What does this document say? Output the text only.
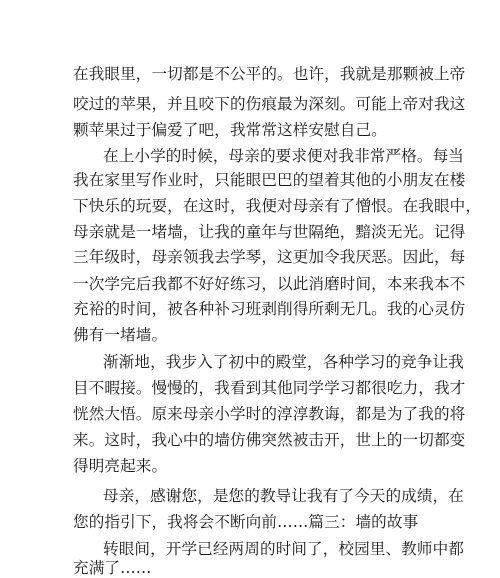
在我眼里，一切都是不公平的。也许，我就是那颗被上帝
咬过的苹果，并且咬下的伤痕最为深刻。可能上帝对我这
颗苹果过于偏爱了吧，我常常这样安慰自己。
在上小学的时候，母亲的要求便对我非常严格。每当
我在家里写作业时，只能眼巴巴的望着其他的小朋友在楼
下快乐的玩耍，在这时，我便对母亲有了憎恨。在我眼中，
母亲就是一堵墙，让我的童年与世隔绝，黯淡无光。记得
三年级时，母亲领我去学琴，这更加令我厌恶。因此，每
一次学完后我都不好好练习，以此消磨时间，本来我本不
充裕的时间，被各种补习班剥削得所剩无几。我的心灵仿
佛有一堵墙。
渐渐地，我步入了初中的殿堂，各种学习的竞争让我
目不暇接。慢慢的，我看到其他同学学习都很吃力，我才
恍然大悟。原来母亲小学时的淳淳教诲，都是为了我的将
来。这时，我心中的墙仿佛突然被击开，世上的一切都变
得明亮起来。
母亲，感谢您，是您的教导让我有了今天的成绩，在
您的指引下，我将会不断向前……篇三：墙的故事
转眼间，开学已经两周的时间了，校园里、教师中都
充满了……
